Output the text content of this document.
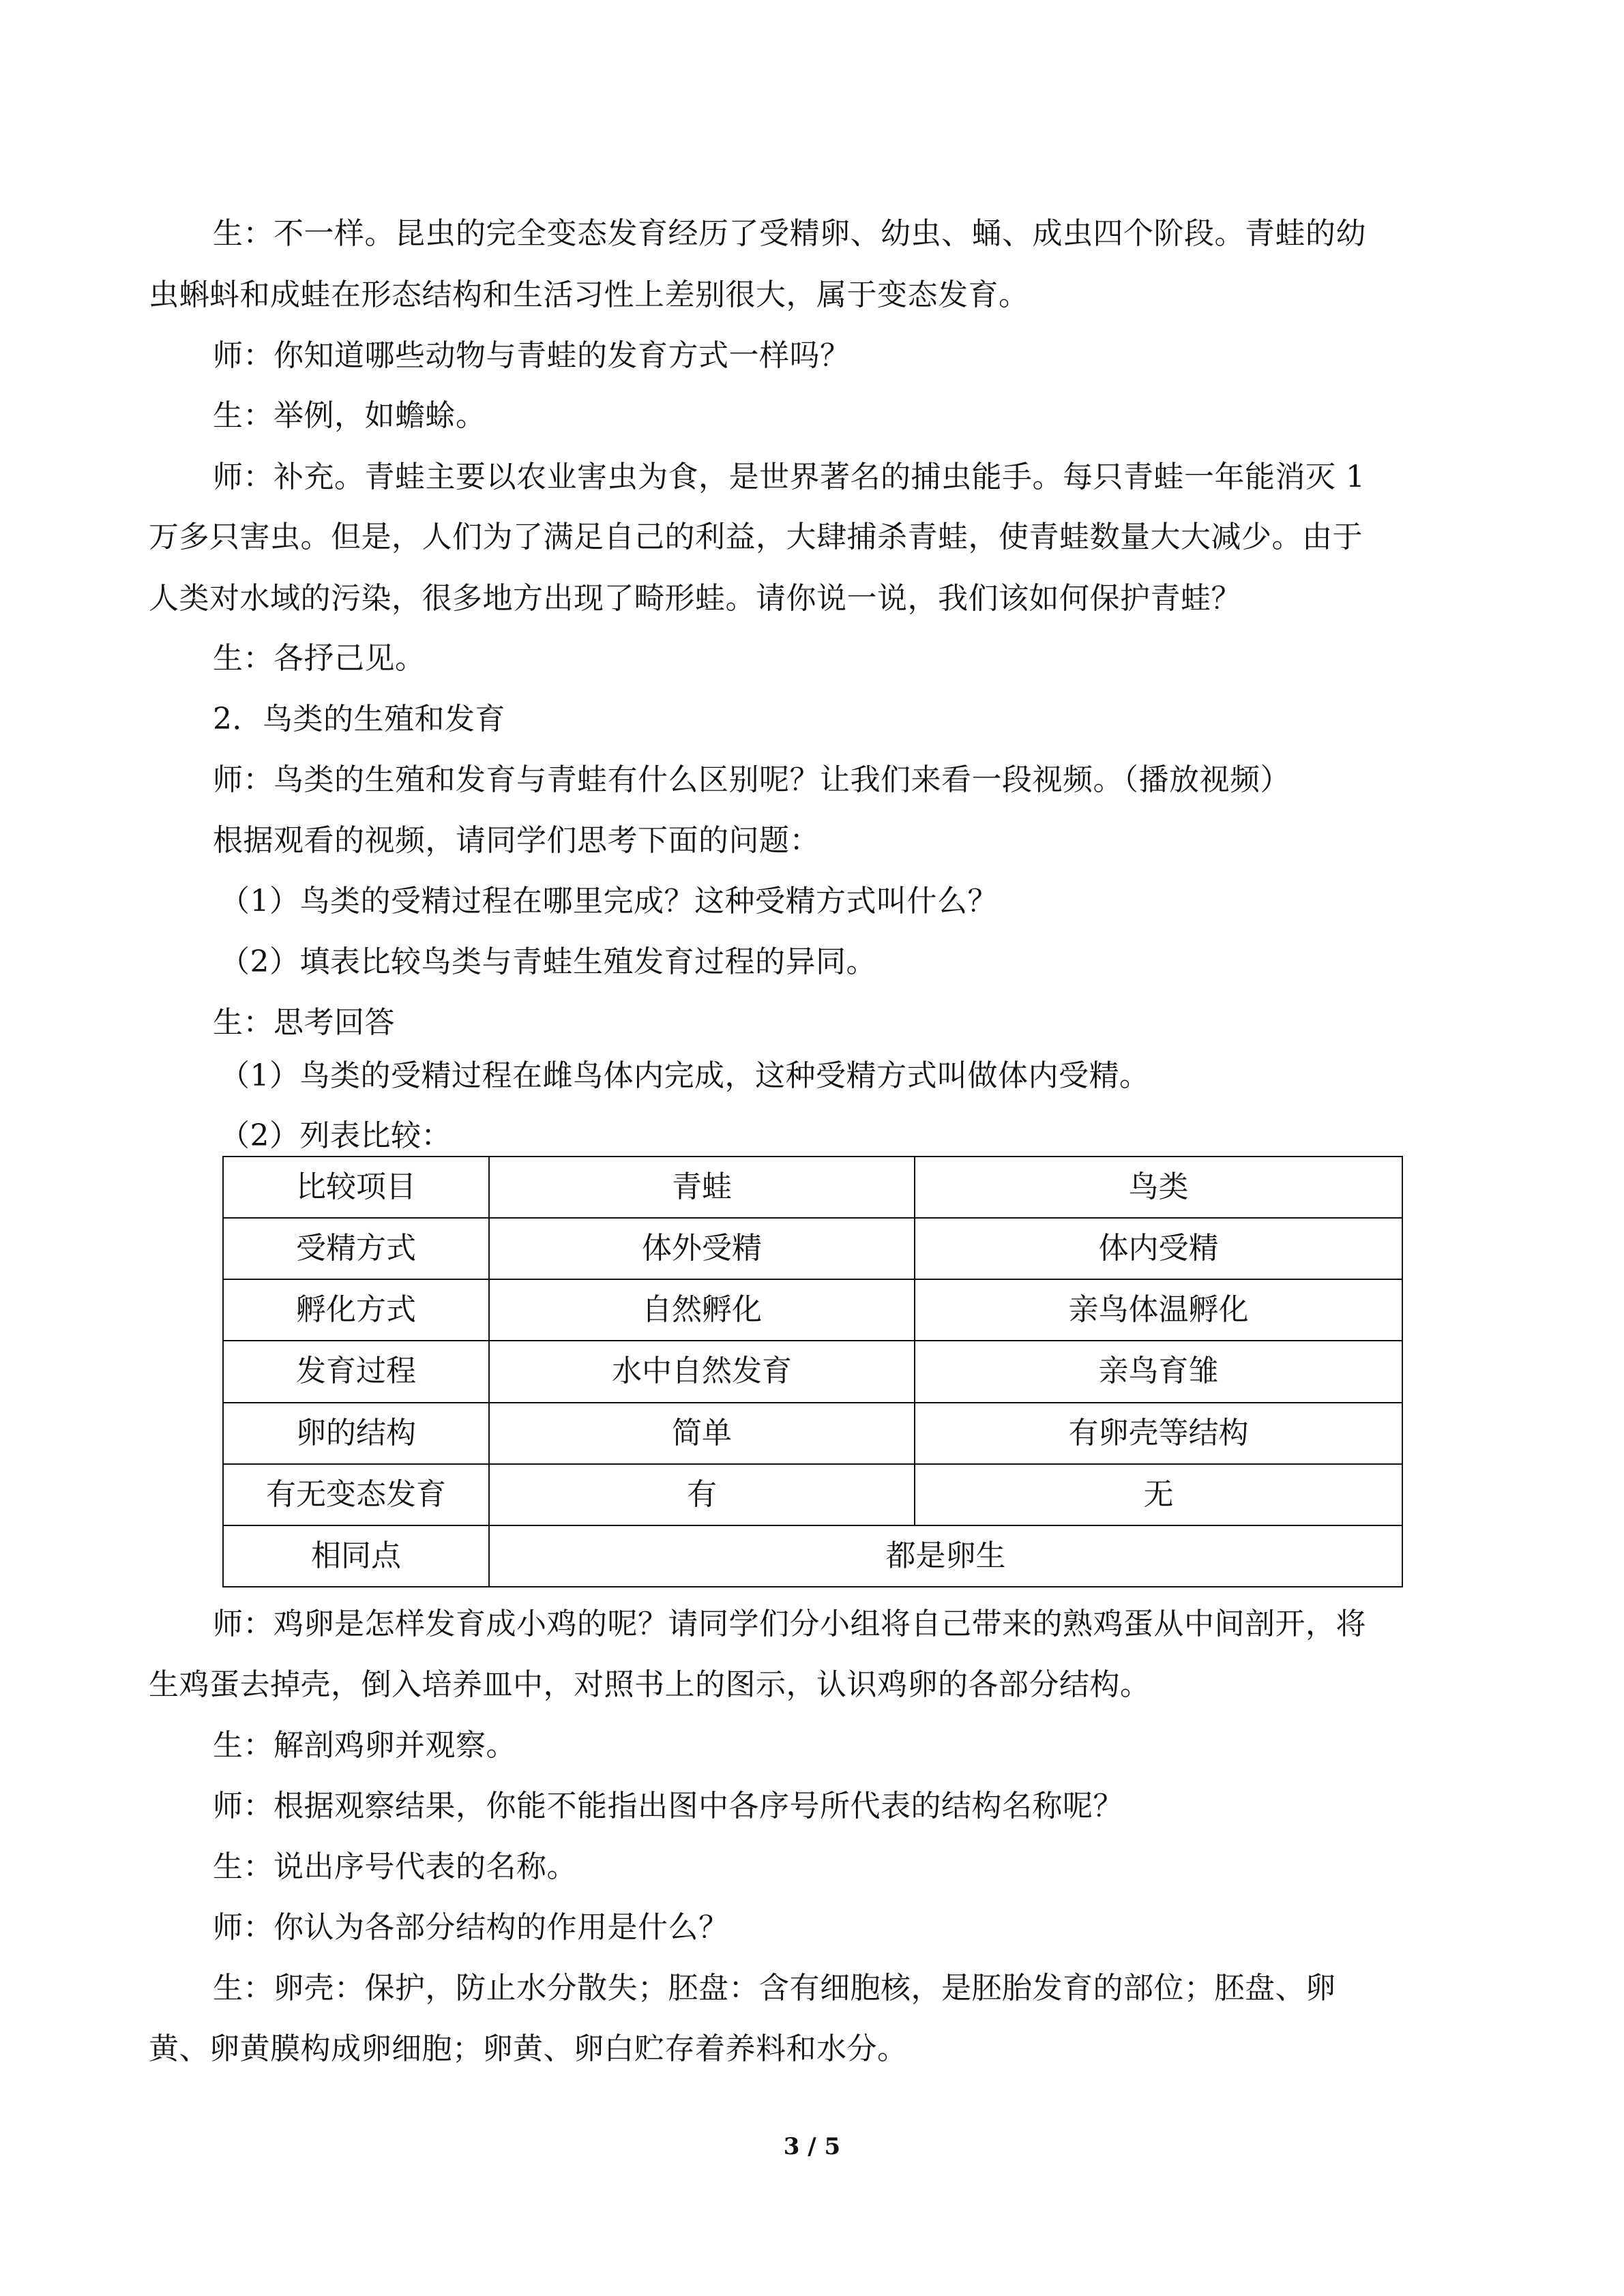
生：不一样。昆虫的完全变态发育经历了受精卵、幼虫、蛹、成虫四个阶段。青蛙的幼
虫蝌蚪和成蛙在形态结构和生活习性上差别很大，属于变态发育。
师：你知道哪些动物与青蛙的发育方式一样吗？
生：举例，如蟾蜍。
师：补充。青蛙主要以农业害虫为食，是世界著名的捕虫能手。每只青蛙一年能消灭 1
万多只害虫。但是，人们为了满足自己的利益，大肆捕杀青蛙，使青蛙数量大大减少。由于
人类对水域的污染，很多地方出现了畸形蛙。请你说一说，我们该如何保护青蛙？
生：各抒己见。
2．鸟类的生殖和发育
师：鸟类的生殖和发育与青蛙有什么区别呢？让我们来看一段视频。（播放视频）
根据观看的视频，请同学们思考下面的问题：
（1）鸟类的受精过程在哪里完成？这种受精方式叫什么？
（2）填表比较鸟类与青蛙生殖发育过程的异同。
生：思考回答
（1）鸟类的受精过程在雌鸟体内完成，这种受精方式叫做体内受精。
（2）列表比较：
比较项目	青蛙	鸟类
受精方式	体外受精	体内受精
孵化方式	自然孵化	亲鸟体温孵化
发育过程	水中自然发育	亲鸟育雏
卵的结构	简单	有卵壳等结构
有无变态发育	有	无
相同点	都是卵生	
师：鸡卵是怎样发育成小鸡的呢？请同学们分小组将自己带来的熟鸡蛋从中间剖开，将
生鸡蛋去掉壳，倒入培养皿中，对照书上的图示，认识鸡卵的各部分结构。
生：解剖鸡卵并观察。
师：根据观察结果，你能不能指出图中各序号所代表的结构名称呢？
生：说出序号代表的名称。
师：你认为各部分结构的作用是什么？
生：卵壳：保护，防止水分散失；胚盘：含有细胞核，是胚胎发育的部位；胚盘、卵
黄、卵黄膜构成卵细胞；卵黄、卵白贮存着养料和水分。
3 / 5
